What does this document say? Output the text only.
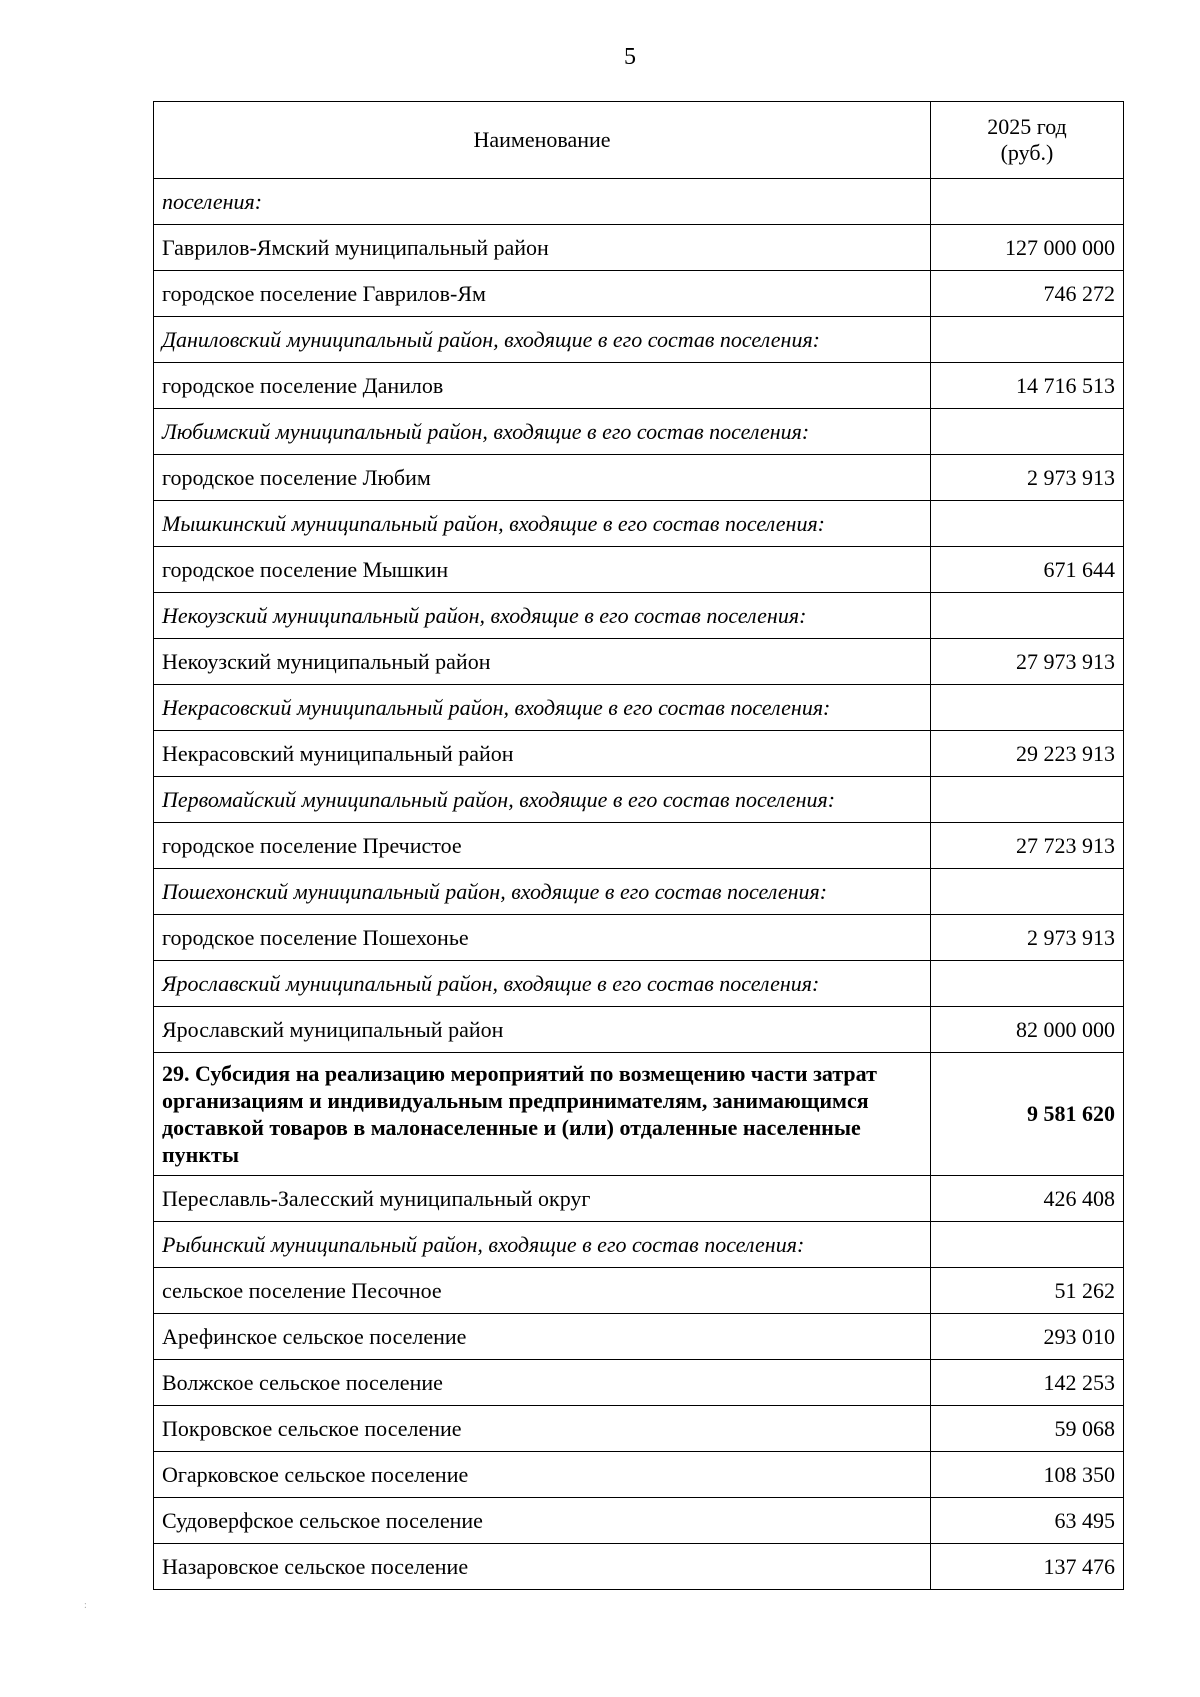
5
Наименование	2025 год
(руб.)
поселения:	
Гаврилов-Ямский муниципальный район	127 000 000
городское поселение Гаврилов-Ям	746 272
Даниловский муниципальный район, входящие в его состав поселения:	
городское поселение Данилов	14 716 513
Любимский муниципальный район, входящие в его состав поселения:	
городское поселение Любим	2 973 913
Мышкинский муниципальный район, входящие в его состав поселения:	
городское поселение Мышкин	671 644
Некоузский муниципальный район, входящие в его состав поселения:	
Некоузский муниципальный район	27 973 913
Некрасовский муниципальный район, входящие в его состав поселения:	
Некрасовский муниципальный район	29 223 913
Первомайский муниципальный район, входящие в его состав поселения:	
городское поселение Пречистое	27 723 913
Пошехонский муниципальный район, входящие в его состав поселения:	
городское поселение Пошехонье	2 973 913
Ярославский муниципальный район, входящие в его состав поселения:	
Ярославский муниципальный район	82 000 000
29. Субсидия на реализацию мероприятий по возмещению части затрат организациям и индивидуальным предпринимателям, занимающимся доставкой товаров в малонаселенные и (или) отдаленные населенные пункты	9 581 620
Переславль-Залесский муниципальный округ	426 408
Рыбинский муниципальный район, входящие в его состав поселения:	
сельское поселение Песочное	51 262
Арефинское сельское поселение	293 010
Волжское сельское поселение	142 253
Покровское сельское поселение	59 068
Огарковское сельское поселение	108 350
Судоверфское сельское поселение	63 495
Назаровское сельское поселение	137 476
:
